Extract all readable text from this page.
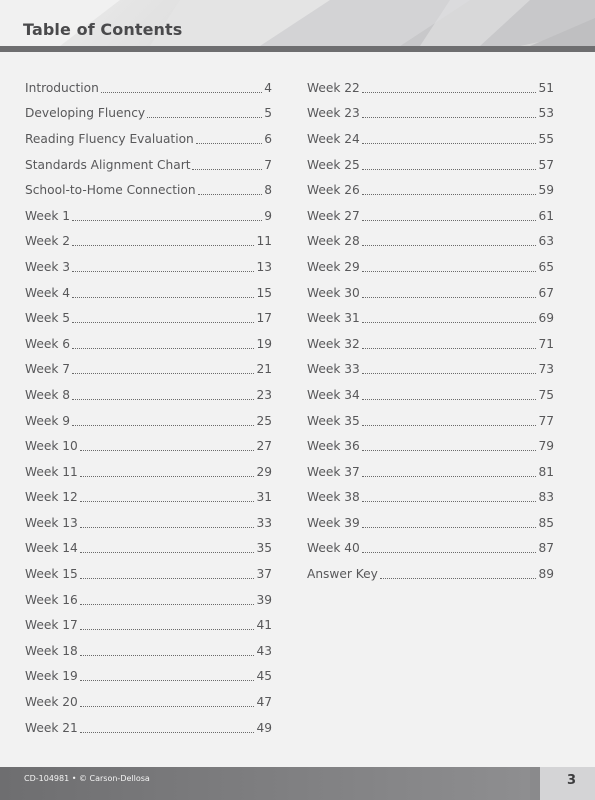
Table of Contents
Introduction	4
Developing Fluency	5
Reading Fluency Evaluation	6
Standards Alignment Chart	7
School-to-Home Connection	8
Week 1	9
Week 2	11
Week 3	13
Week 4	15
Week 5	17
Week 6	19
Week 7	21
Week 8	23
Week 9	25
Week 10	27
Week 11	29
Week 12	31
Week 13	33
Week 14	35
Week 15	37
Week 16	39
Week 17	41
Week 18	43
Week 19	45
Week 20	47
Week 21	49
Week 22	51
Week 23	53
Week 24	55
Week 25	57
Week 26	59
Week 27	61
Week 28	63
Week 29	65
Week 30	67
Week 31	69
Week 32	71
Week 33	73
Week 34	75
Week 35	77
Week 36	79
Week 37	81
Week 38	83
Week 39	85
Week 40	87
Answer Key	89
CD-104981 • © Carson-Dellosa	3
